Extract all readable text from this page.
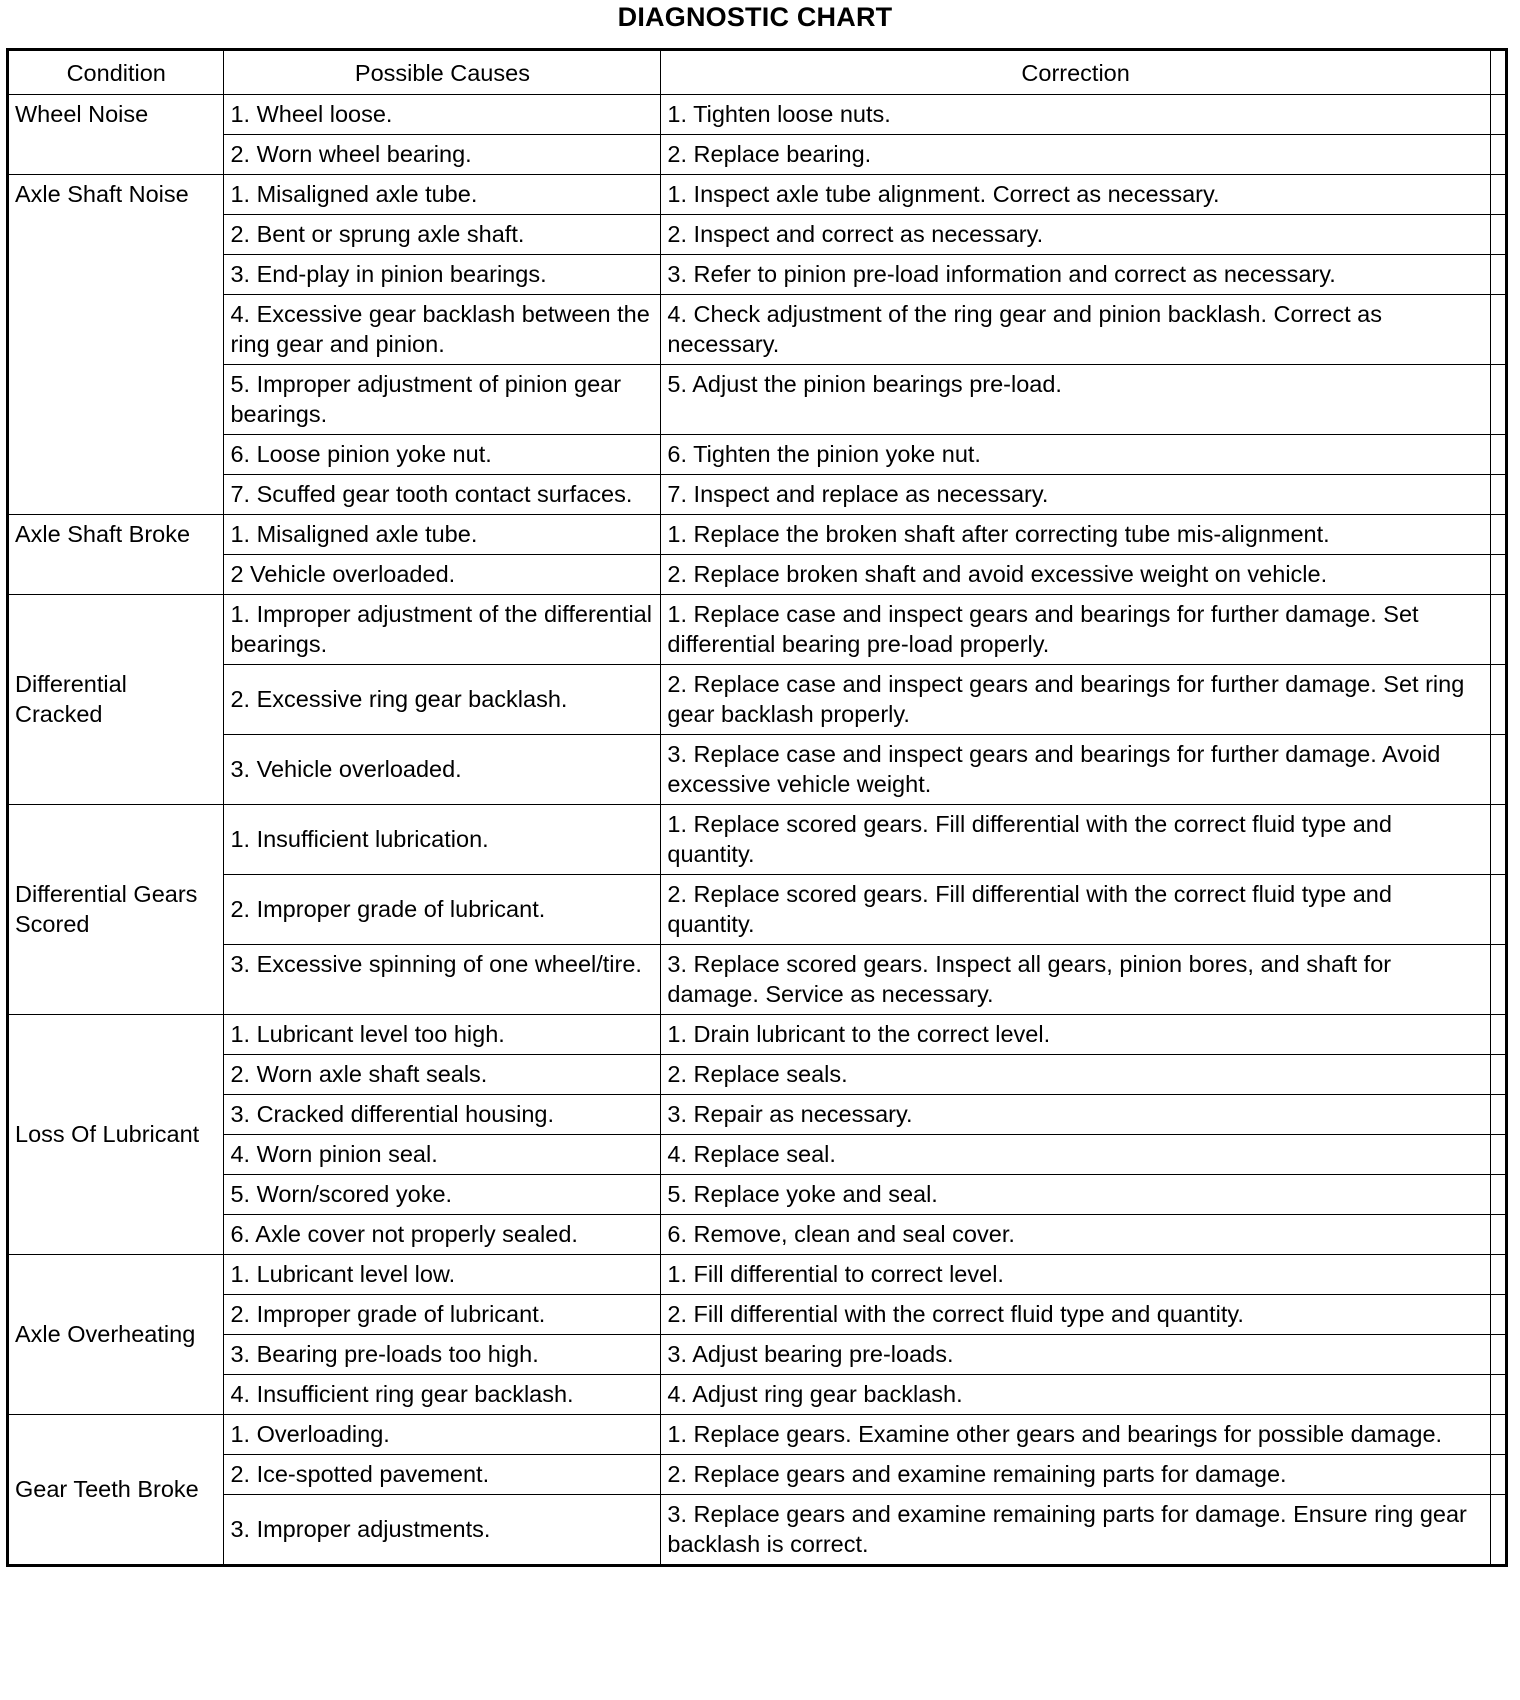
DIAGNOSTIC CHART
Condition	Possible Causes	Correction	
Wheel Noise	1. Wheel loose.	1. Tighten loose nuts.	
	2. Worn wheel bearing.	2. Replace bearing.	
Axle Shaft Noise	1. Misaligned axle tube.	1. Inspect axle tube alignment. Correct as necessary.	
	2. Bent or sprung axle shaft.	2. Inspect and correct as necessary.	
	3. End-play in pinion bearings.	3. Refer to pinion pre-load information and correct as necessary.	
	4. Excessive gear backlash between the ring gear and pinion.	4. Check adjustment of the ring gear and pinion backlash. Correct as necessary.	
	5. Improper adjustment of pinion gear bearings.	5. Adjust the pinion bearings pre-load.	
	6. Loose pinion yoke nut.	6. Tighten the pinion yoke nut.	
	7. Scuffed gear tooth contact surfaces.	7. Inspect and replace as necessary.	
Axle Shaft Broke	1. Misaligned axle tube.	1. Replace the broken shaft after correcting tube mis-alignment.	
	2 Vehicle overloaded.	2. Replace broken shaft and avoid excessive weight on vehicle.	
Differential Cracked	1. Improper adjustment of the differential bearings.	1. Replace case and inspect gears and bearings for further damage. Set differential bearing pre-load properly.	
	2. Excessive ring gear backlash.	2. Replace case and inspect gears and bearings for further damage. Set ring gear backlash properly.	
	3. Vehicle overloaded.	3. Replace case and inspect gears and bearings for further damage. Avoid excessive vehicle weight.	
Differential Gears Scored	1. Insufficient lubrication.	1. Replace scored gears. Fill differential with the correct fluid type and quantity.	
	2. Improper grade of lubricant.	2. Replace scored gears. Fill differential with the correct fluid type and quantity.	
	3. Excessive spinning of one wheel/tire.	3. Replace scored gears. Inspect all gears, pinion bores, and shaft for damage. Service as necessary.	
Loss Of Lubricant	1. Lubricant level too high.	1. Drain lubricant to the correct level.	
	2. Worn axle shaft seals.	2. Replace seals.	
	3. Cracked differential housing.	3. Repair as necessary.	
	4. Worn pinion seal.	4. Replace seal.	
	5. Worn/scored yoke.	5. Replace yoke and seal.	
	6. Axle cover not properly sealed.	6. Remove, clean and seal cover.	
Axle Overheating	1. Lubricant level low.	1. Fill differential to correct level.	
	2. Improper grade of lubricant.	2. Fill differential with the correct fluid type and quantity.	
	3. Bearing pre-loads too high.	3. Adjust bearing pre-loads.	
	4. Insufficient ring gear backlash.	4. Adjust ring gear backlash.	
Gear Teeth Broke	1. Overloading.	1. Replace gears. Examine other gears and bearings for possible damage.	
	2. Ice-spotted pavement.	2. Replace gears and examine remaining parts for damage.	
	3. Improper adjustments.	3. Replace gears and examine remaining parts for damage. Ensure ring gear backlash is correct.	
